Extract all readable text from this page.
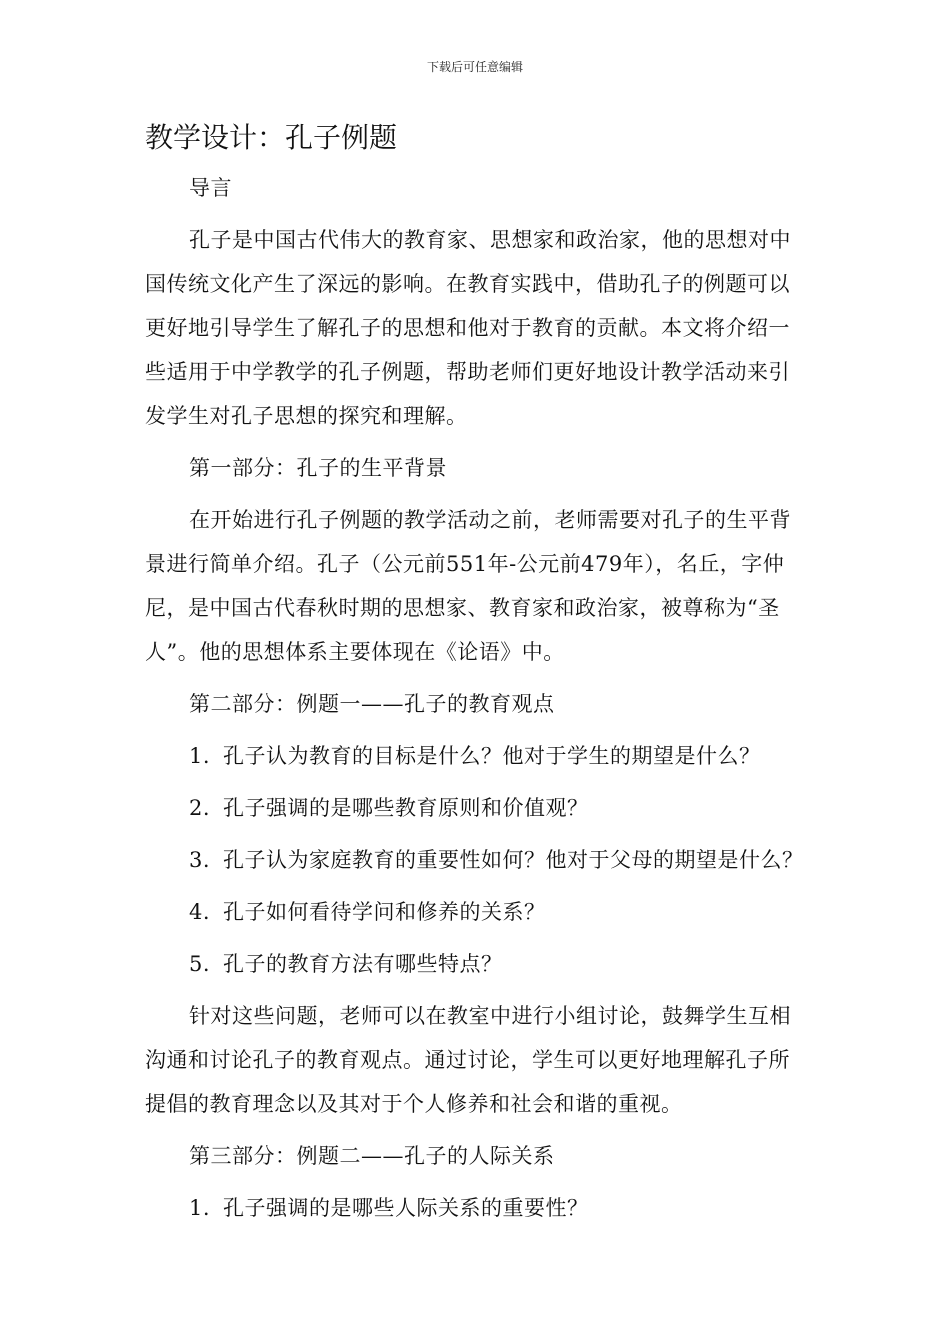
下载后可任意编辑
教学设计：孔子例题
导言

孔子是中国古代伟大的教育家、思想家和政治家，他的思想对中国传统文化产生了深远的影响。在教育实践中，借助孔子的例题可以更好地引导学生了解孔子的思想和他对于教育的贡献。本文将介绍一些适用于中学教学的孔子例题，帮助老师们更好地设计教学活动来引发学生对孔子思想的探究和理解。

第一部分：孔子的生平背景

在开始进行孔子例题的教学活动之前，老师需要对孔子的生平背景进行简单介绍。孔子（公元前551年-公元前479年），名丘，字仲尼，是中国古代春秋时期的思想家、教育家和政治家，被尊称为“圣人”。他的思想体系主要体现在《论语》中。

第二部分：例题一——孔子的教育观点
1. 孔子认为教育的目标是什么？他对于学生的期望是什么？
2. 孔子强调的是哪些教育原则和价值观？
3. 孔子认为家庭教育的重要性如何？他对于父母的期望是什么？
4. 孔子如何看待学问和修养的关系？
5. 孔子的教育方法有哪些特点？

针对这些问题，老师可以在教室中进行小组讨论，鼓舞学生互相沟通和讨论孔子的教育观点。通过讨论，学生可以更好地理解孔子所提倡的教育理念以及其对于个人修养和社会和谐的重视。

第三部分：例题二——孔子的人际关系
1. 孔子强调的是哪些人际关系的重要性？
